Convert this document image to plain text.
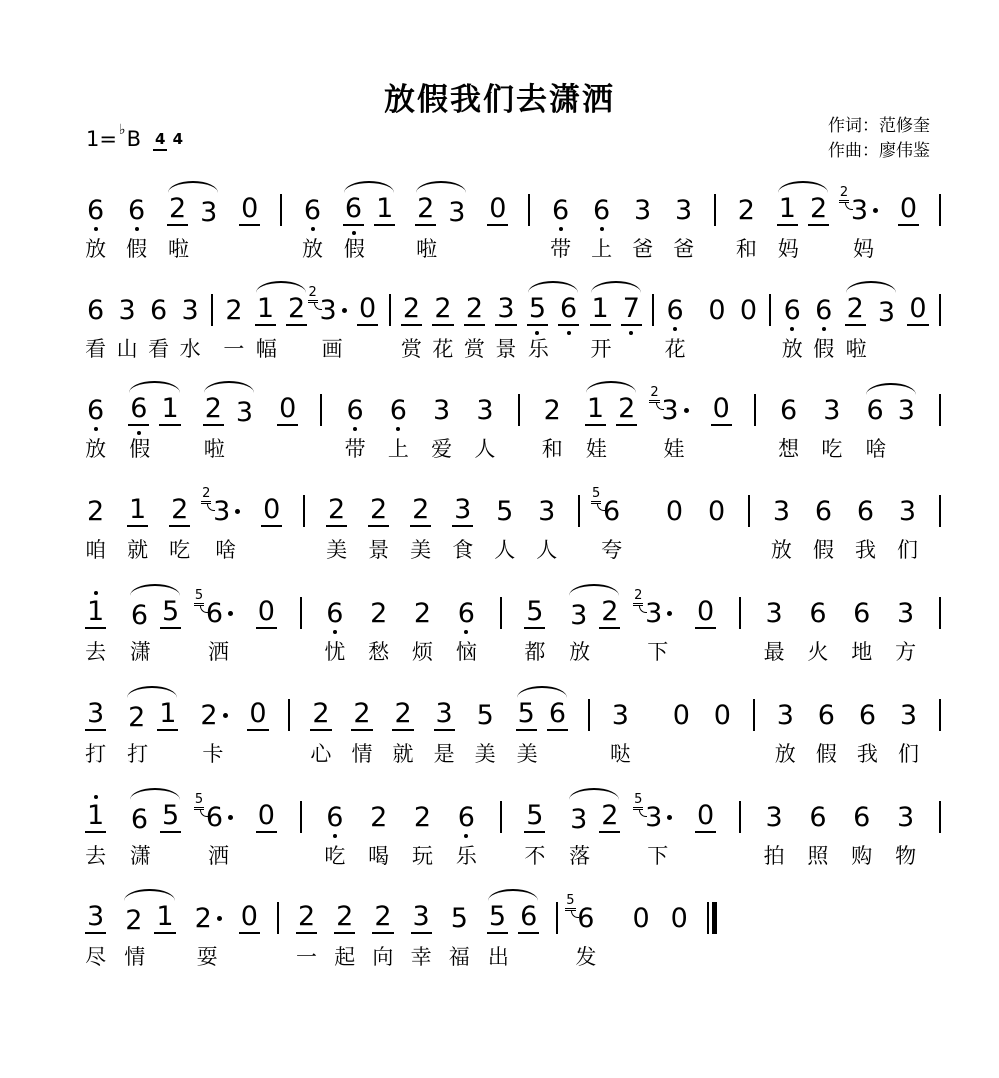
放假我们去潇洒
作词：范修奎
作曲：廖伟鉴
1= ♭ B 4 4
6
放
6
假
2 3
啦
0 6
放
6 1
假
2 3
啦
0 6
带
6
上
3
爸
3
爸
2
和
1 2
妈
3
2
妈
0
6
看
3
山
6
看
3
水
2
一
1 2
幅
3
2
画
0 2
赏
2
花
2
赏
3
景
5 6
乐
1 7
开
6
花
0 0 6
放
6
假
2 3
啦
0
6
放
6 1
假
2 3
啦
0 6
带
6
上
3
爱
3
人
2
和
1 2
娃
3
2
娃
0 6
想
3
吃
6 3
啥
2
咱
1
就
2
吃
3
2
啥
0 2
美
2
景
2
美
3
食
5
人
3
人
6
5
夸
0 0 3
放
6
假
6
我
3
们
1
去
6 5
潇
6
5
洒
0 6
忧
2
愁
2
烦
6
恼
5
都
3 2
放
3
2
下
0 3
最
6
火
6
地
3
方
3
打
2 1
打
2
卡
0 2
心
2
情
2
就
3
是
5
美
5 6
美
3
哒
0 0 3
放
6
假
6
我
3
们
1
去
6 5
潇
6
5
洒
0 6
吃
2
喝
2
玩
6
乐
5
不
3 2
落
3
5
下
0 3
拍
6
照
6
购
3
物
3
尽
2 1
情
2
耍
0 2
一
2
起
2
向
3
幸
5
福
5 6
出
6
5
发
0 0
